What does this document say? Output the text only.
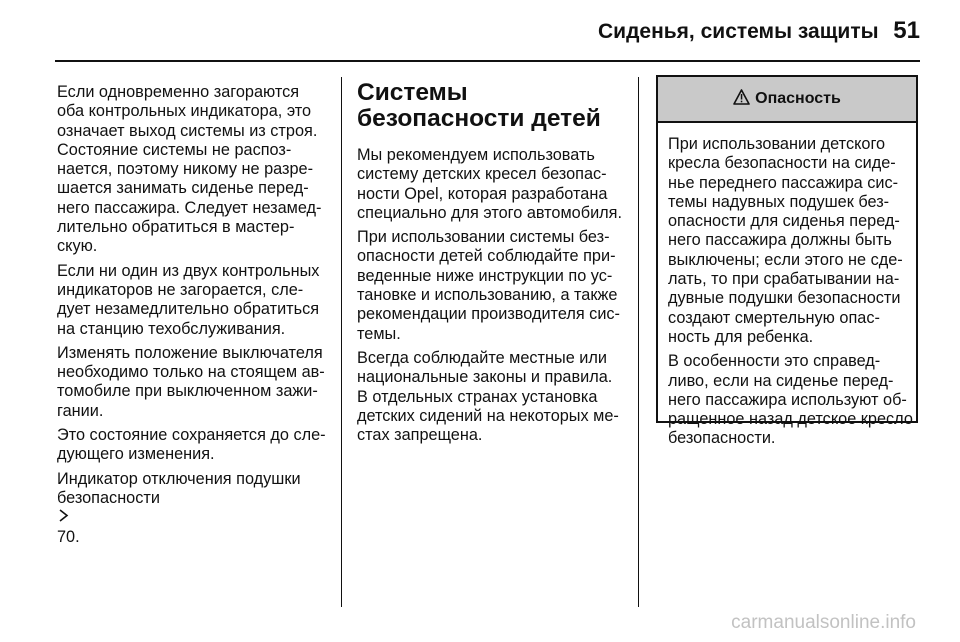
Сиденья, системы защиты 51

Если одновременно загораются
оба контрольных индикатора, это
означает выход системы из строя.
Состояние системы не распоз-
нается, поэтому никому не разре-
шается занимать сиденье перед-
него пассажира. Следует незамед-
лительно обратиться в мастер-
скую.

Если ни один из двух контрольных
индикаторов не загорается, сле-
дует незамедлительно обратиться
на станцию техобслуживания.

Изменять положение выключателя
необходимо только на стоящем ав-
томобиле при выключенном зажи-
гании.

Это состояние сохраняется до сле-
дующего изменения.

Индикатор отключения подушки
безопасности
70.

Системы
безопасности детей

Мы рекомендуем использовать
систему детских кресел безопас-
ности Opel, которая разработана
специально для этого автомобиля.

При использовании системы без-
опасности детей соблюдайте при-
веденные ниже инструкции по ус-
тановке и использованию, а также
рекомендации производителя сис-
темы.

Всегда соблюдайте местные или
национальные законы и правила.
В отдельных странах установка
детских сидений на некоторых ме-
стах запрещена.

Опасность

При использовании детского
кресла безопасности на сиде-
нье переднего пассажира сис-
темы надувных подушек без-
опасности для сиденья перед-
него пассажира должны быть
выключены; если этого не сде-
лать, то при срабатывании на-
дувные подушки безопасности
создают смертельную опас-
ность для ребенка.

В особенности это справед-
ливо, если на сиденье перед-
него пассажира используют об-
ращенное назад детское кресло
безопасности.

carmanualsonline.info
